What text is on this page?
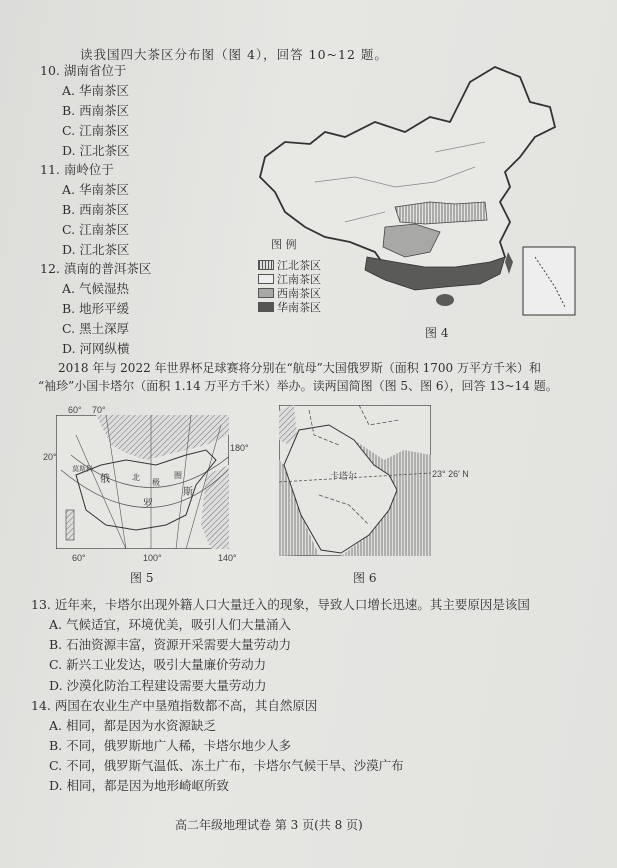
读我国四大茶区分布图（图 4），回答 10~12 题。
10. 湖南省位于
A. 华南茶区
B. 西南茶区
C. 江南茶区
D. 江北茶区
11. 南岭位于
A. 华南茶区
B. 西南茶区
C. 江南茶区
D. 江北茶区
12. 滇南的普洱茶区
A. 气候湿热
B. 地形平缓
C. 黑土深厚
D. 河网纵横
图 例
江北茶区
江南茶区
西南茶区
华南茶区
图 4
2018 年与 2022 年世界杯足球赛将分别在“航母”大国俄罗斯（面积 1700 万平方千米）和
“袖珍”小国卡塔尔（面积 1.14 万平方千米）举办。读两国简图（图 5、图 6），回答 13~14 题。
60° 70°
20°
180°
60°	100°	140°
莫斯科
俄
罗
斯
北
极
圈
图 5
卡塔尔	23° 26′ N
图 6
13. 近年来，卡塔尔出现外籍人口大量迁入的现象，导致人口增长迅速。其主要原因是该国
A. 气候适宜，环境优美，吸引人们大量涌入
B. 石油资源丰富，资源开采需要大量劳动力
C. 新兴工业发达，吸引大量廉价劳动力
D. 沙漠化防治工程建设需要大量劳动力
14. 两国在农业生产中垦殖指数都不高，其自然原因
A. 相同，都是因为水资源缺乏
B. 不同，俄罗斯地广人稀，卡塔尔地少人多
C. 不同，俄罗斯气温低、冻土广布，卡塔尔气候干旱、沙漠广布
D. 相同，都是因为地形崎岖所致
高二年级地理试卷 第 3 页(共 8 页)
